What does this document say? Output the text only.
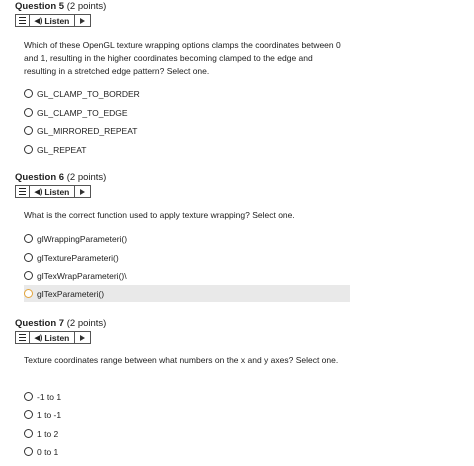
Question 5 (2 points)
◀) Listen
Which of these OpenGL texture wrapping options clamps the coordinates between 0 and 1, resulting in the higher coordinates becoming clamped to the edge and resulting in a stretched edge pattern? Select one.
GL_CLAMP_TO_BORDER
GL_CLAMP_TO_EDGE
GL_MIRRORED_REPEAT
GL_REPEAT
Question 6 (2 points)
◀) Listen
What is the correct function used to apply texture wrapping? Select one.
glWrappingParameteri()
glTextureParameteri()
glTexWrapParameteri()\
glTexParameteri()
Question 7 (2 points)
◀) Listen
Texture coordinates range between what numbers on the x and y axes? Select one.
-1 to 1
1 to -1
1 to 2
0 to 1
